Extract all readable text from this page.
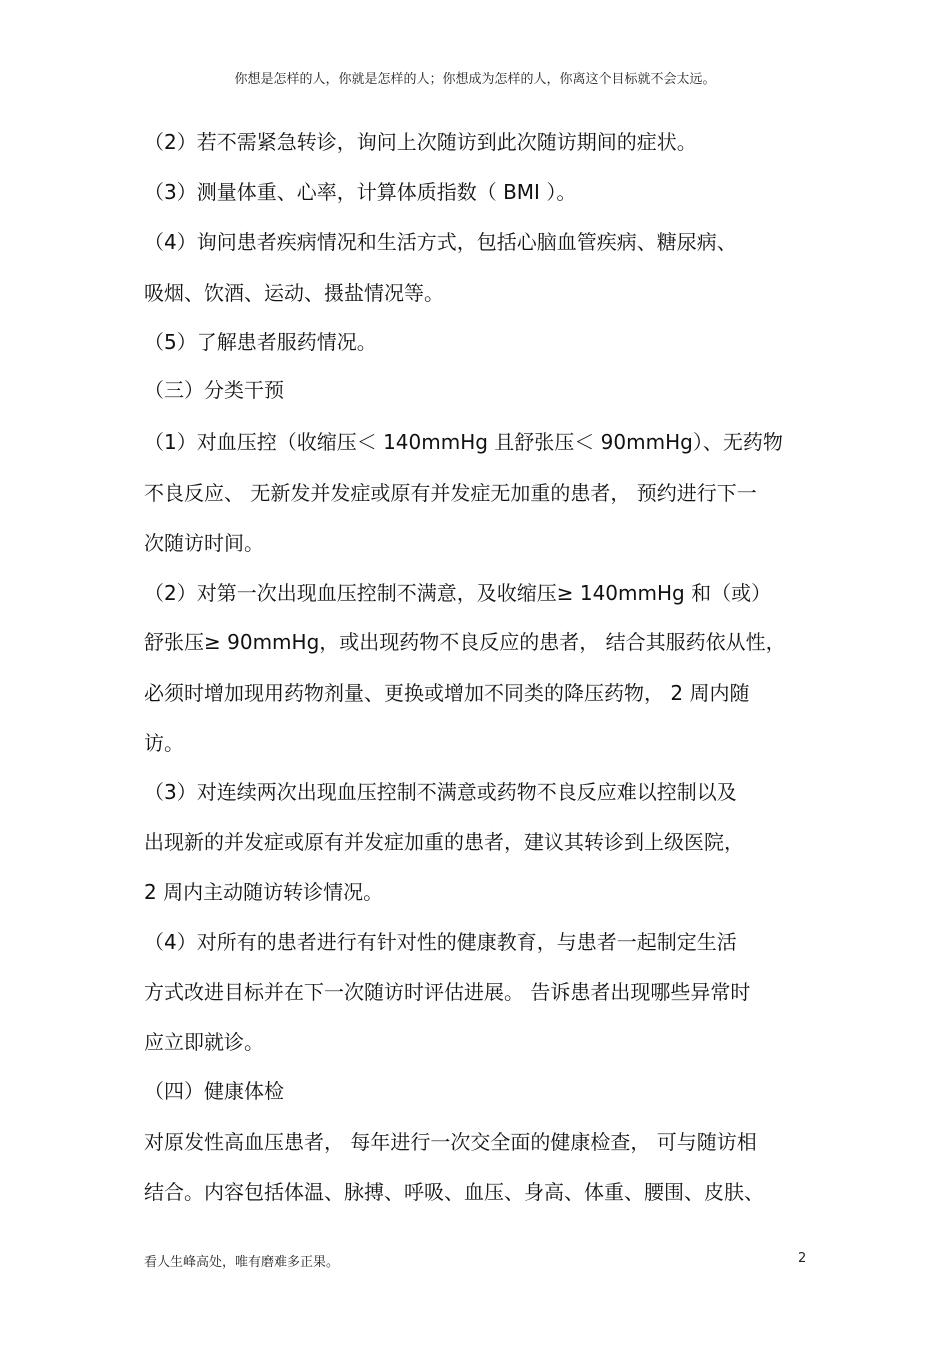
你想是怎样的人，你就是怎样的人；你想成为怎样的人，你离这个目标就不会太远。
（2）若不需紧急转诊，询问上次随访到此次随访期间的症状。
（3）测量体重、心率，计算体质指数（ BMI ）。
（4）询问患者疾病情况和生活方式，包括心脑血管疾病、糖尿病、
吸烟、饮酒、运动、摄盐情况等。
（5）了解患者服药情况。
（三）分类干预
（1）对血压控（收缩压＜ 140mmHg 且舒张压＜ 90mmHg）、无药物
不良反应、 无新发并发症或原有并发症无加重的患者， 预约进行下一
次随访时间。
（2）对第一次出现血压控制不满意，及收缩压≥ 140mmHg 和（或）
舒张压≥ 90mmHg，或出现药物不良反应的患者， 结合其服药依从性，
必须时增加现用药物剂量、更换或增加不同类的降压药物， 2 周内随
访。
（3）对连续两次出现血压控制不满意或药物不良反应难以控制以及
出现新的并发症或原有并发症加重的患者，建议其转诊到上级医院，
2 周内主动随访转诊情况。
（4）对所有的患者进行有针对性的健康教育，与患者一起制定生活
方式改进目标并在下一次随访时评估进展。 告诉患者出现哪些异常时
应立即就诊。
（四）健康体检
对原发性高血压患者， 每年进行一次交全面的健康检查， 可与随访相
结合。内容包括体温、脉搏、呼吸、血压、身高、体重、腰围、皮肤、
看人生峰高处，唯有磨难多正果。	2
